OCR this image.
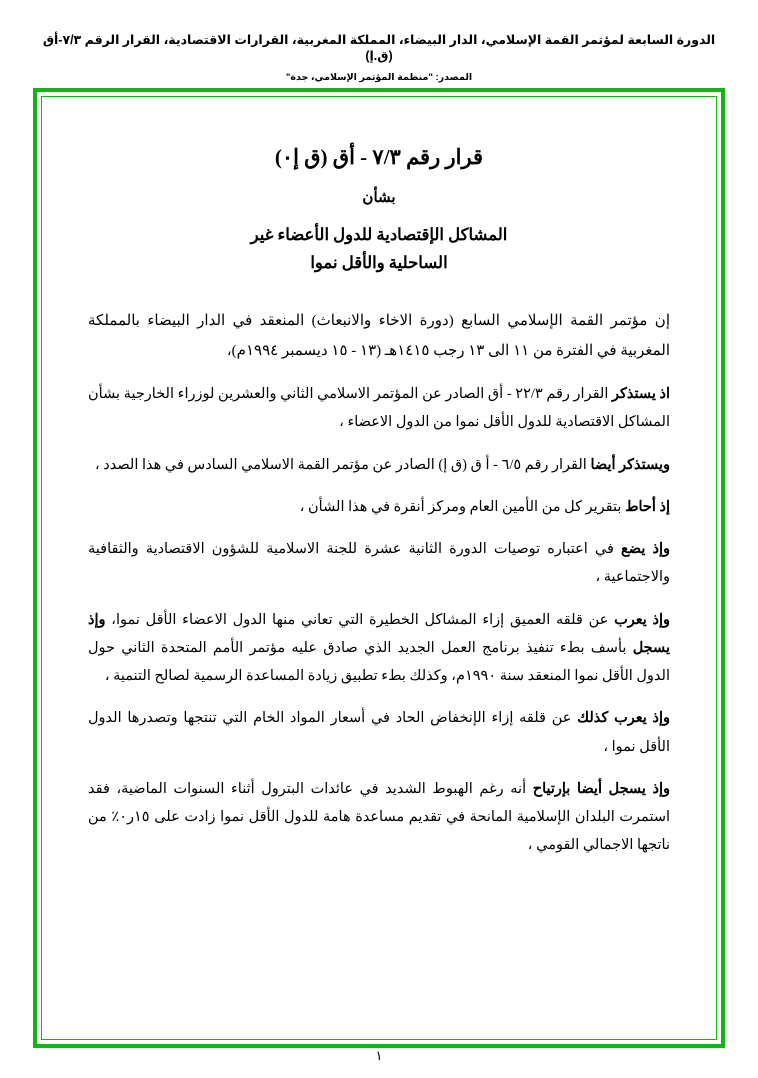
الدورة السابعة لمؤتمر القمة الإسلامي، الدار البيضاء، المملكة المغربية، القرارات الاقتصادية، القرار الرقم ٧/٣-أق (ق.إ)
المصدر: "منظمة المؤتمر الإسلامي، جدة"
قرار رقم ٧/٣ - أق (ق إ٠)
بشأن
المشاكل الإقتصادية للدول الأعضاء غير
الساحلية والأقل نموا

إن مؤتمر القمة الإسلامي السابع (دورة الاخاء والانبعاث) المنعقد في الدار البيضاء بالمملكة المغربية في الفترة من ١١ الى ١٣ رجب ١٤١٥هـ (١٣ - ١٥ ديسمبر ١٩٩٤م)،

اذ يستذكر القرار رقم ٢٢/٣ - أق الصادر عن المؤتمر الاسلامي الثاني والعشرين لوزراء الخارجية بشأن المشاكل الاقتصادية للدول الأقل نموا من الدول الاعضاء ،

ويستذكر أيضا القرار رقم ٦/٥ - أ ق (ق إ) الصادر عن مؤتمر القمة الاسلامي السادس في هذا الصدد ،

إذ أحاط بتقرير كل من الأمين العام ومركز أنقرة في هذا الشأن ،

وإذ يضع في اعتباره توصيات الدورة الثانية عشرة للجنة الاسلامية للشؤون الاقتصادية والثقافية والاجتماعية ،

وإذ يعرب عن قلقه العميق إزاء المشاكل الخطيرة التي تعاني منها الدول الاعضاء الأقل نموا، وإذ يسجل بأسف بطء تنفيذ برنامج العمل الجديد الذي صادق عليه مؤتمر الأمم المتحدة الثاني حول الدول الأقل نموا المنعقد سنة ١٩٩٠م، وكذلك بطء تطبيق زيادة المساعدة الرسمية لصالح التنمية ،

وإذ يعرب كذلك عن قلقه إزاء الإنخفاض الحاد في أسعار المواد الخام التي تنتجها وتصدرها الدول الأقل نموا ،

وإذ يسجل أيضا بإرتياح أنه رغم الهبوط الشديد في عائدات البترول أثناء السنوات الماضية، فقد استمرت البلدان الإسلامية المانحة في تقديم مساعدة هامة للدول الأقل نموا زادت على ١٥ر٠٪ من ناتجها الاجمالي القومي ،

١
